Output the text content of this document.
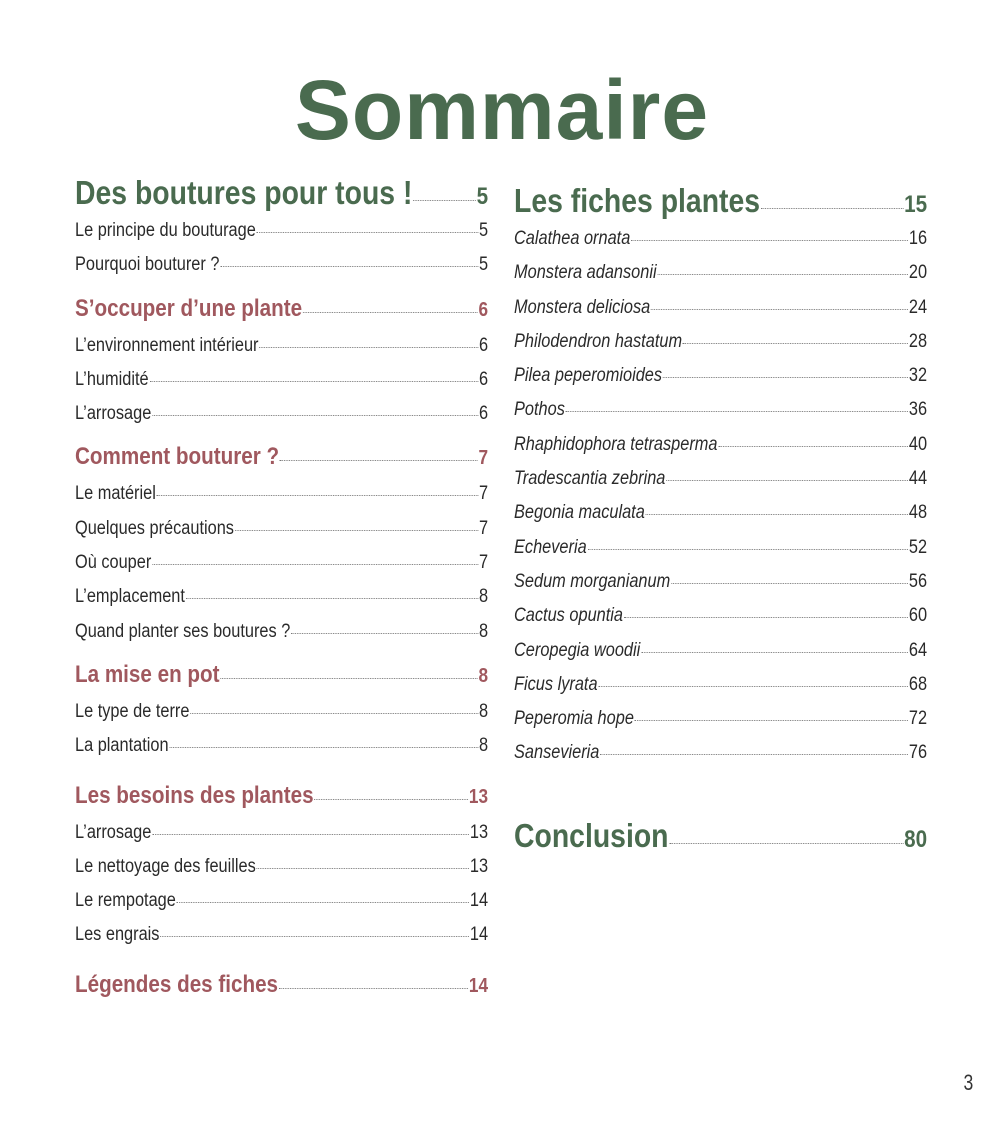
Sommaire
Des boutures pour tous !	5
Le principe du bouturage	5
Pourquoi bouturer ?	5
S’occuper d’une plante	6
L’environnement intérieur	6
L’humidité	6
L’arrosage	6
Comment bouturer ?	7
Le matériel	7
Quelques précautions	7
Où couper	7
L’emplacement	8
Quand planter ses boutures ?	8
La mise en pot	8
Le type de terre	8
La plantation	8
Les besoins des plantes	13
L’arrosage	13
Le nettoyage des feuilles	13
Le rempotage	14
Les engrais	14
Légendes des fiches	14
Les fiches plantes	15
Calathea ornata	16
Monstera adansonii	20
Monstera deliciosa	24
Philodendron hastatum	28
Pilea peperomioides	32
Pothos	36
Rhaphidophora tetrasperma	40
Tradescantia zebrina	44
Begonia maculata	48
Echeveria	52
Sedum morganianum	56
Cactus opuntia	60
Ceropegia woodii	64
Ficus lyrata	68
Peperomia hope	72
Sansevieria	76
Conclusion	80
3
